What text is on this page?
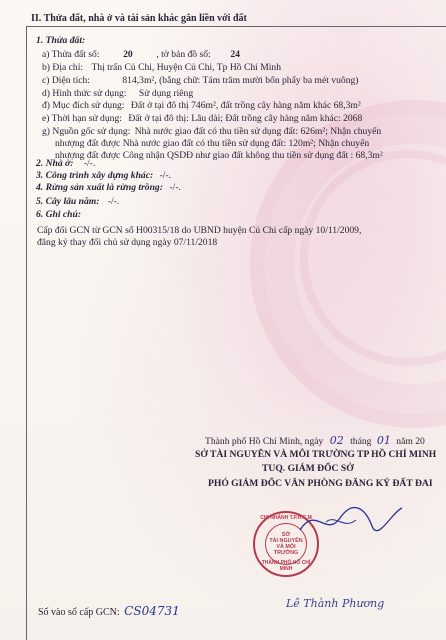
II. Thửa đất, nhà ở và tài sản khác gắn liền với đất
1. Thửa đất:
a) Thửa đất số: 20 , tờ bản đồ số: 24
b) Địa chỉ: Thị trấn Củ Chi, Huyện Củ Chi, Tp Hồ Chí Minh
c) Diện tích:	814,3m², (bằng chữ: Tám trăm mười bốn phẩy ba mét vuông)
d) Hình thức sử dụng: Sử dụng riêng
đ) Mục đích sử dụng: Đất ở tại đô thị 746m², đất trồng cây hàng năm khác 68,3m²
e) Thời hạn sử dụng: Đất ở tại đô thị: Lâu dài; Đất trồng cây hàng năm khác: 2068
g) Nguồn gốc sử dụng: Nhà nước giao đất có thu tiền sử dụng đất: 626m²; Nhận chuyển
nhượng đất được Nhà nước giao đất có thu tiền sử dụng đất: 120m²; Nhận chuyển
nhượng đất được Công nhận QSDĐ như giao đất không thu tiền sử dụng đất : 68,3m²
2. Nhà ở: -/-.
3. Công trình xây dựng khác: -/-.
4. Rừng sản xuất là rừng trồng: -/-.
5. Cây lâu năm: -/-.
6. Ghi chú:
Cấp đổi GCN từ GCN số H00315/18 do UBND huyện Củ Chi cấp ngày 10/11/2009,
đăng ký thay đổi chủ sử dụng ngày 07/11/2018
Thành phố Hồ Chí Minh, ngày 02 tháng 01 năm 20
SỞ TÀI NGUYÊN VÀ MÔI TRƯỜNG TP HỒ CHÍ MINH
TUQ. GIÁM ĐỐC SỞ
PHÓ GIÁM ĐỐC VĂN PHÒNG ĐĂNG KÝ ĐẤT ĐAI
CHI NHÁNH T.P.H.C.M
SỞ
TÀI NGUYÊN
VÀ MÔI TRƯỜNG
THÀNH PHỐ HỒ CHÍ MINH
Lê Thành Phương
Số vào sổ cấp GCN: CS04731
